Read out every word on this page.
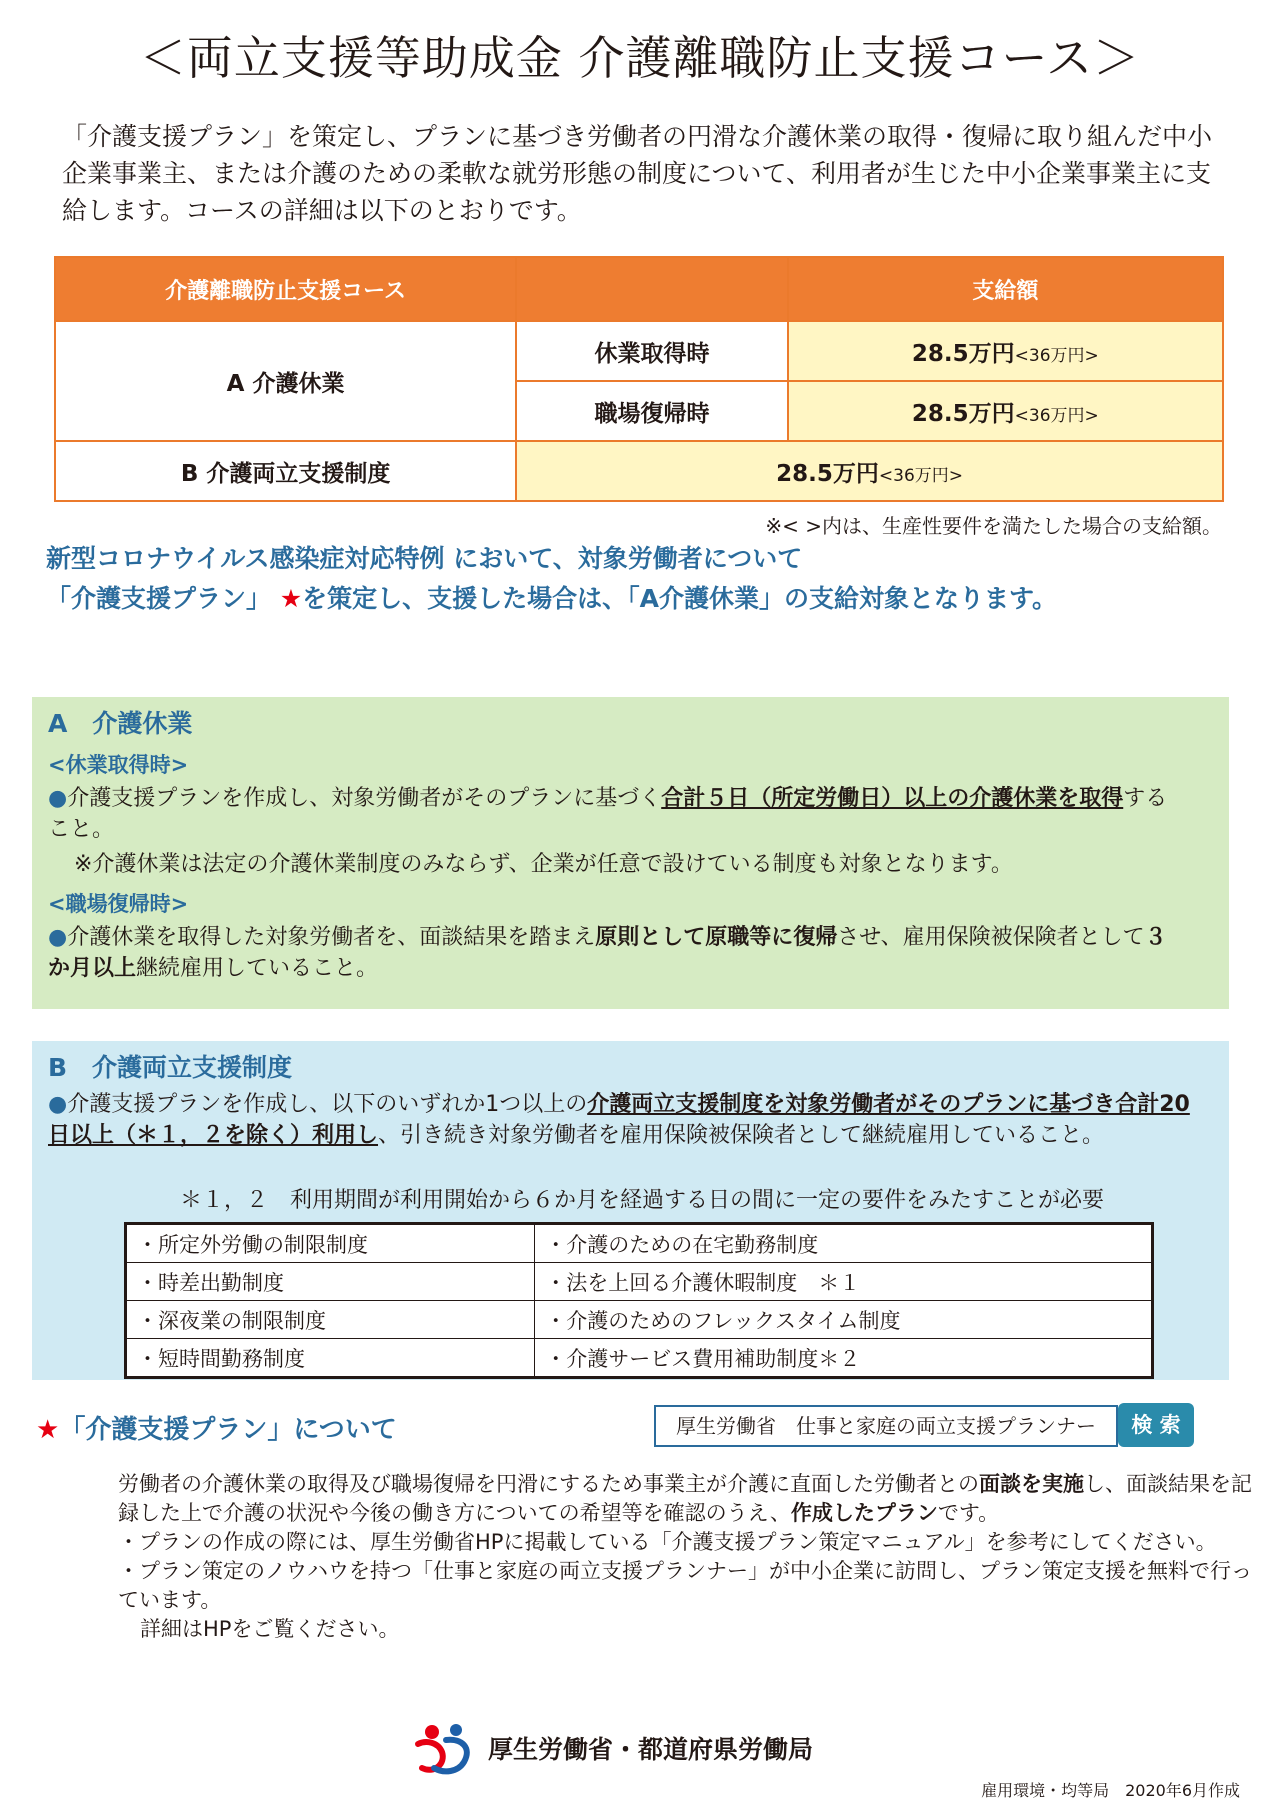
＜両立支援等助成金 介護離職防止支援コース＞
「介護支援プラン」を策定し、プランに基づき労働者の円滑な介護休業の取得・復帰に取り組んだ中小企業事業主、または介護のための柔軟な就労形態の制度について、利用者が生じた中小企業事業主に支給します。コースの詳細は以下のとおりです。
介護離職防止支援コース		支給額
A 介護休業	休業取得時	28.5万円<36万円>
	職場復帰時	28.5万円<36万円>
B 介護両立支援制度	28.5万円<36万円>	
※< >内は、生産性要件を満たした場合の支給額。
新型コロナウイルス感染症対応特例 において、対象労働者について
「介護支援プラン」 ★を策定し、支援した場合は、「A介護休業」の支給対象となります。
A　介護休業
<休業取得時>
●介護支援プランを作成し、対象労働者がそのプランに基づく合計５日（所定労働日）以上の介護休業を取得すること。
※介護休業は法定の介護休業制度のみならず、企業が任意で設けている制度も対象となります。
<職場復帰時>
●介護休業を取得した対象労働者を、面談結果を踏まえ原則として原職等に復帰させ、雇用保険被保険者として３か月以上継続雇用していること。
B　介護両立支援制度
●介護支援プランを作成し、以下のいずれか1つ以上の介護両立支援制度を対象労働者がそのプランに基づき合計20日以上（＊１，２を除く）利用し、引き続き対象労働者を雇用保険被保険者として継続雇用していること。
＊１，２　利用期間が利用開始から６か月を経過する日の間に一定の要件をみたすことが必要
・所定外労働の制限制度	・介護のための在宅勤務制度
・時差出勤制度	・法を上回る介護休暇制度　＊１
・深夜業の制限制度	・介護のためのフレックスタイム制度
・短時間勤務制度	・介護サービス費用補助制度＊２
★「介護支援プラン」について	厚生労働省　仕事と家庭の両立支援プランナー	検 索
労働者の介護休業の取得及び職場復帰を円滑にするため事業主が介護に直面した労働者との面談を実施し、面談結果を記録した上で介護の状況や今後の働き方についての希望等を確認のうえ、作成したプランです。
・プランの作成の際には、厚生労働省HPに掲載している「介護支援プラン策定マニュアル」を参考にしてください。
・プラン策定のノウハウを持つ「仕事と家庭の両立支援プランナー」が中小企業に訪問し、プラン策定支援を無料で行っています。
詳細はHPをご覧ください。
厚生労働省・都道府県労働局
雇用環境・均等局　2020年6月作成
